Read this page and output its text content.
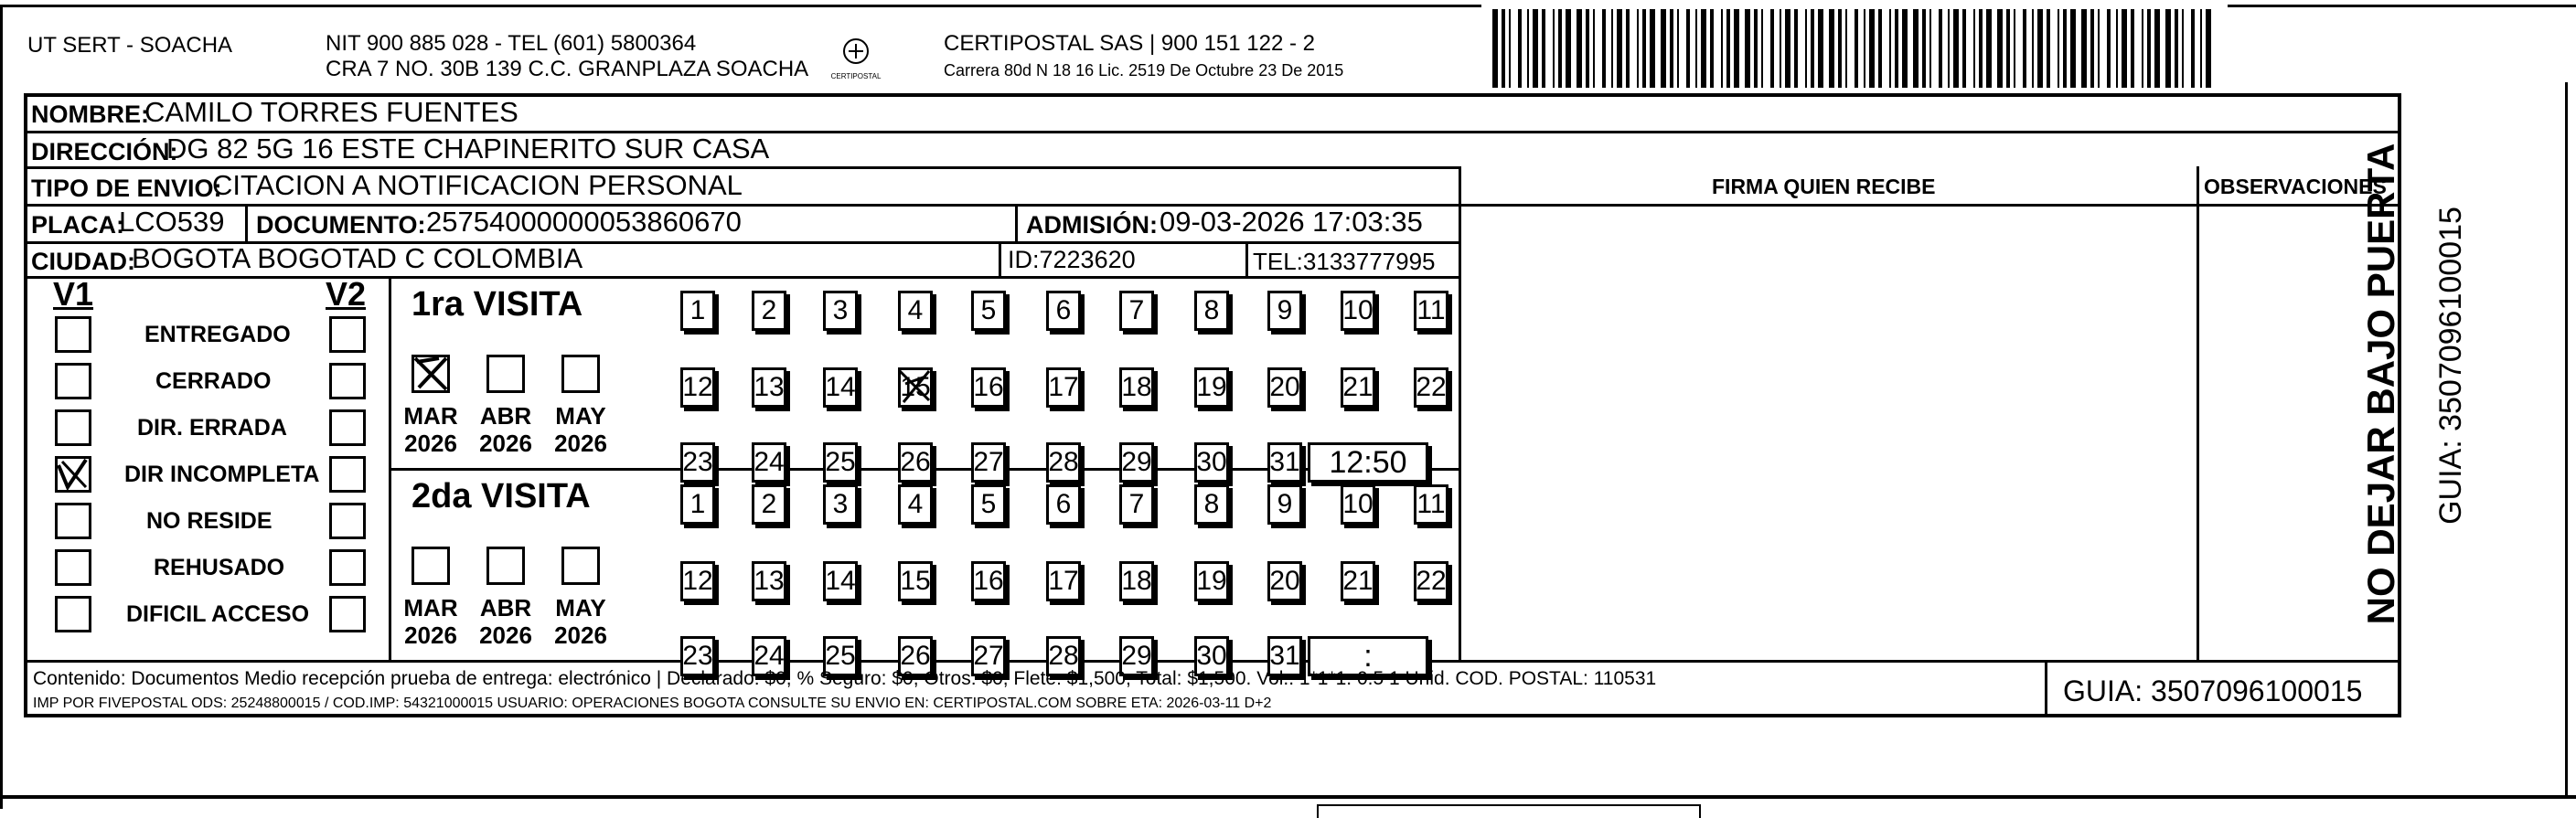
UT SERT - SOACHA	NIT 900 885 028 - TEL (601) 5800364
CRA 7 NO. 30B 139 C.C. GRANPLAZA SOACHA	CERTIPOSTAL
CERTIPOSTAL SAS | 900 151 122 - 2
Carrera 80d N 18 16 Lic. 2519 De Octubre 23 De 2015
FIRMA QUIEN RECIBE	OBSERVACIONES
NOMBRE:
CAMILO TORRES FUENTES
DIRECCIÓN:
DG 82 5G 16 ESTE CHAPINERITO SUR CASA
TIPO DE ENVIO:
CITACION A NOTIFICACION PERSONAL
PLACA:
LCO539 DOCUMENTO: 25754000000053860670	ADMISIÓN: 09-03-2026 17:03:35
CIUDAD:
BOGOTA BOGOTAD C COLOMBIA	ID:7223620	TEL:3133777995
V1	V2
ENTREGADO
CERRADO
DIR. ERRADA
DIR INCOMPLETA
NO RESIDE
REHUSADO
DIFICIL ACCESO
1ra VISITA
MAR ABR MAY
2026 2026 2026
1	2	3	4	5	6	7	8	9	10 11
12 13 14 15 16 17 18 19 20 21 22
23 24 25 26 27 28 29 30 31 12:50
2da VISITA
MAR ABR MAY
2026 2026 2026
1	2	3	4	5	6	7	8	9	10 11
12 13 14 15 16 17 18 19 20 21 22
23 24 25 26 27 28 29 30 31	:
Contenido: Documentos Medio recepción prueba de entrega: electrónico | Declarado: $0, % Seguro: $0, Otros: $0, Flete: $1,500, Total: $1,500. Vol.. 1*1*1. 0.5 1 Unid. COD. POSTAL: 110531
IMP POR FIVEPOSTAL ODS: 25248800015 / COD.IMP: 54321000015 USUARIO: OPERACIONES BOGOTA CONSULTE SU ENVIO EN: CERTIPOSTAL.COM SOBRE ETA: 2026-03-11 D+2	GUIA: 3507096100015
NO DEJAR BAJO PUERTA GUIA: 3507096100015
